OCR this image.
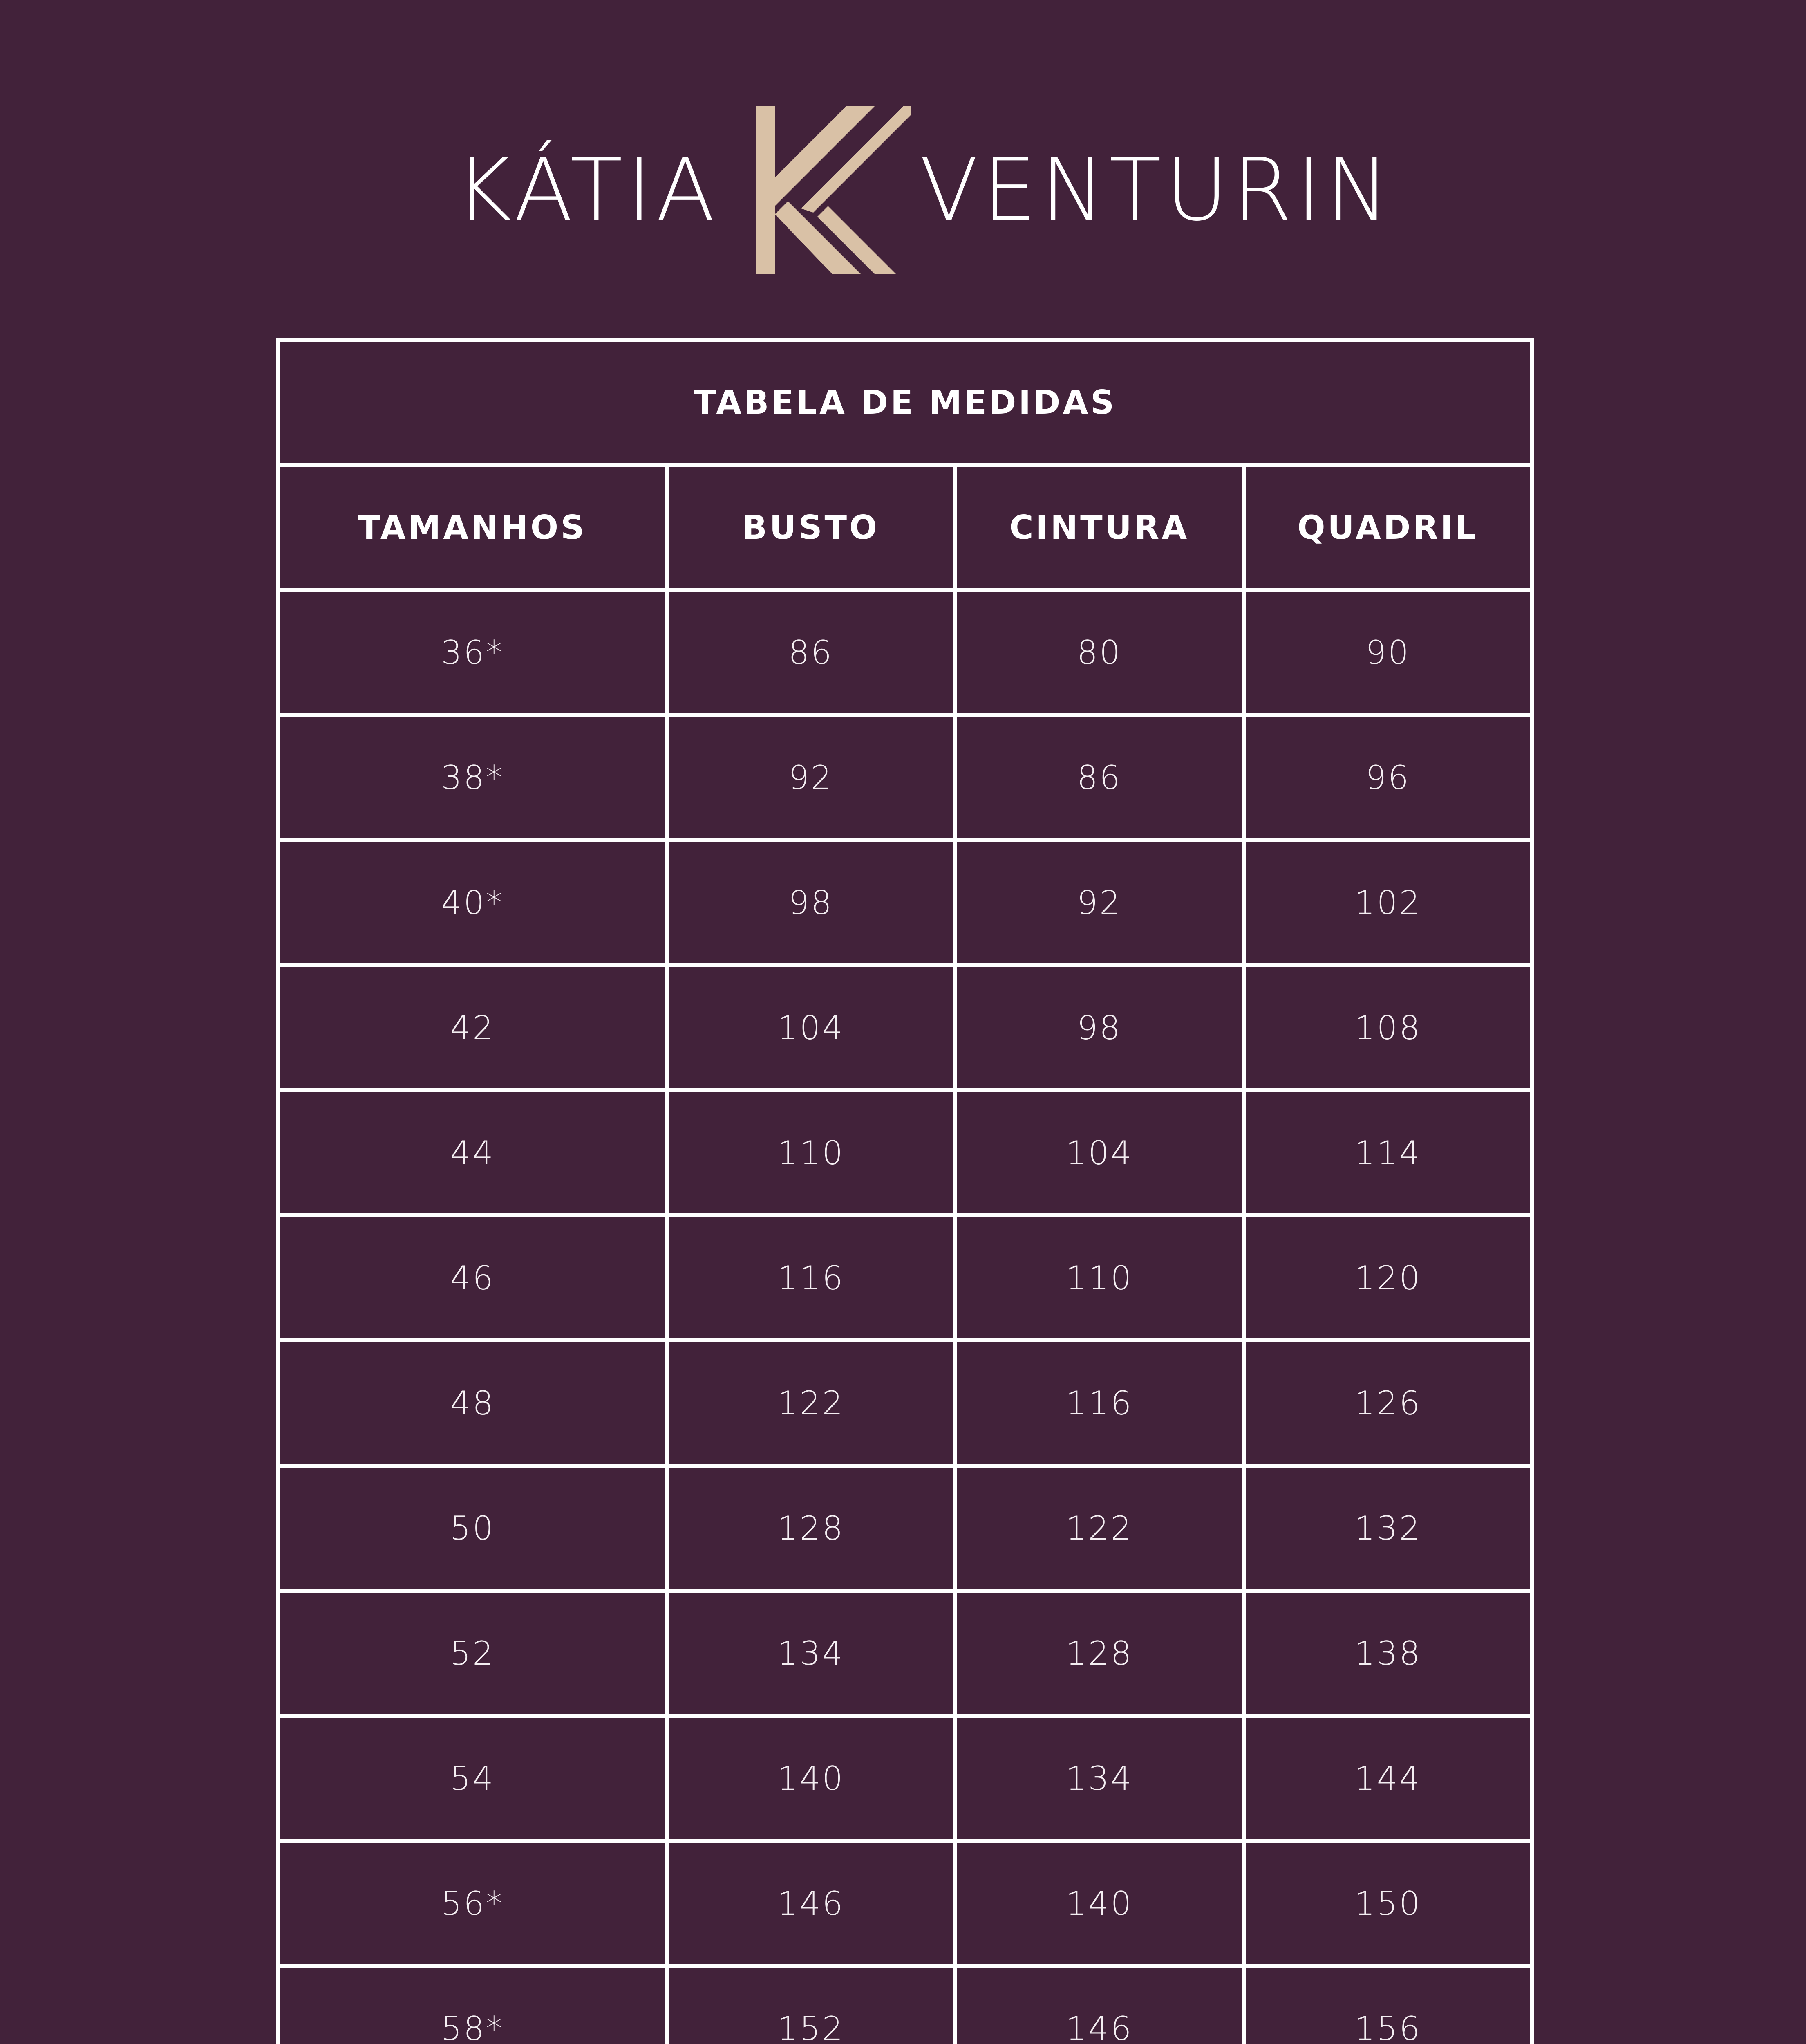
KÁTIA VENTURIN
TABELA DE MEDIDAS			
TAMANHOS	BUSTO	CINTURA	QUADRIL
36*	86	80	90
38*	92	86	96
40*	98	92	102
42	104	98	108
44	110	104	114
46	116	110	120
48	122	116	126
50	128	122	132
52	134	128	138
54	140	134	144
56*	146	140	150
58*	152	146	156
